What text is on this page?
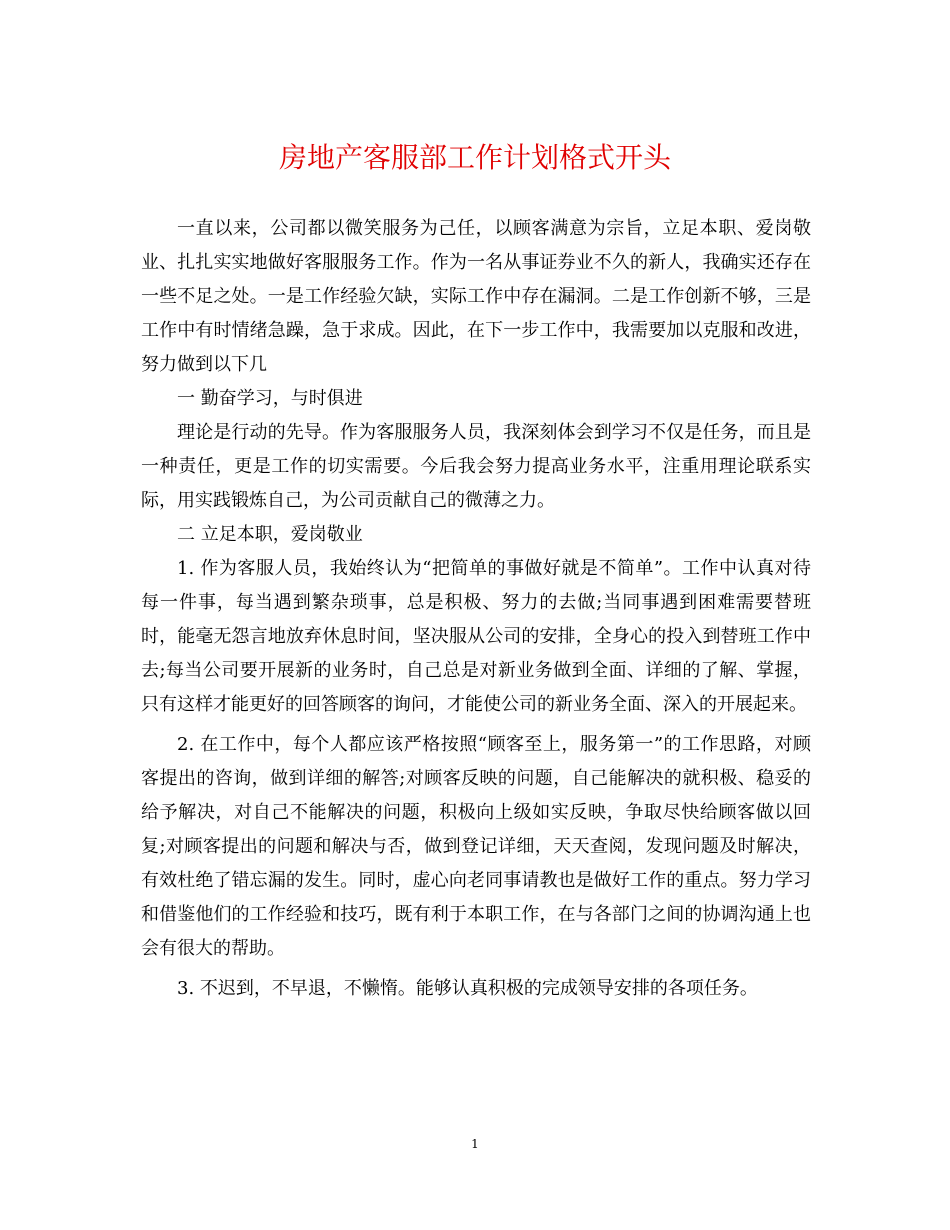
房地产客服部工作计划格式开头

一直以来，公司都以微笑服务为己任，以顾客满意为宗旨，立足本职、爱岗敬业、扎扎实实地做好客服服务工作。作为一名从事证券业不久的新人，我确实还存在一些不足之处。一是工作经验欠缺，实际工作中存在漏洞。二是工作创新不够，三是工作中有时情绪急躁，急于求成。因此，在下一步工作中，我需要加以克服和改进，努力做到以下几

一 勤奋学习，与时俱进

理论是行动的先导。作为客服服务人员，我深刻体会到学习不仅是任务，而且是一种责任，更是工作的切实需要。今后我会努力提高业务水平，注重用理论联系实际，用实践锻炼自己，为公司贡献自己的微薄之力。

二 立足本职，爱岗敬业

1. 作为客服人员，我始终认为“把简单的事做好就是不简单”。工作中认真对待每一件事，每当遇到繁杂琐事，总是积极、努力的去做;当同事遇到困难需要替班时，能毫无怨言地放弃休息时间，坚决服从公司的安排，全身心的投入到替班工作中去;每当公司要开展新的业务时，自己总是对新业务做到全面、详细的了解、掌握，只有这样才能更好的回答顾客的询问，才能使公司的新业务全面、深入的开展起来。

2. 在工作中，每个人都应该严格按照“顾客至上，服务第一”的工作思路，对顾客提出的咨询，做到详细的解答;对顾客反映的问题，自己能解决的就积极、稳妥的给予解决，对自己不能解决的问题，积极向上级如实反映，争取尽快给顾客做以回复;对顾客提出的问题和解决与否，做到登记详细，天天查阅，发现问题及时解决，有效杜绝了错忘漏的发生。同时，虚心向老同事请教也是做好工作的重点。努力学习和借鉴他们的工作经验和技巧，既有利于本职工作，在与各部门之间的协调沟通上也会有很大的帮助。

3. 不迟到，不早退，不懒惰。能够认真积极的完成领导安排的各项任务。

1
